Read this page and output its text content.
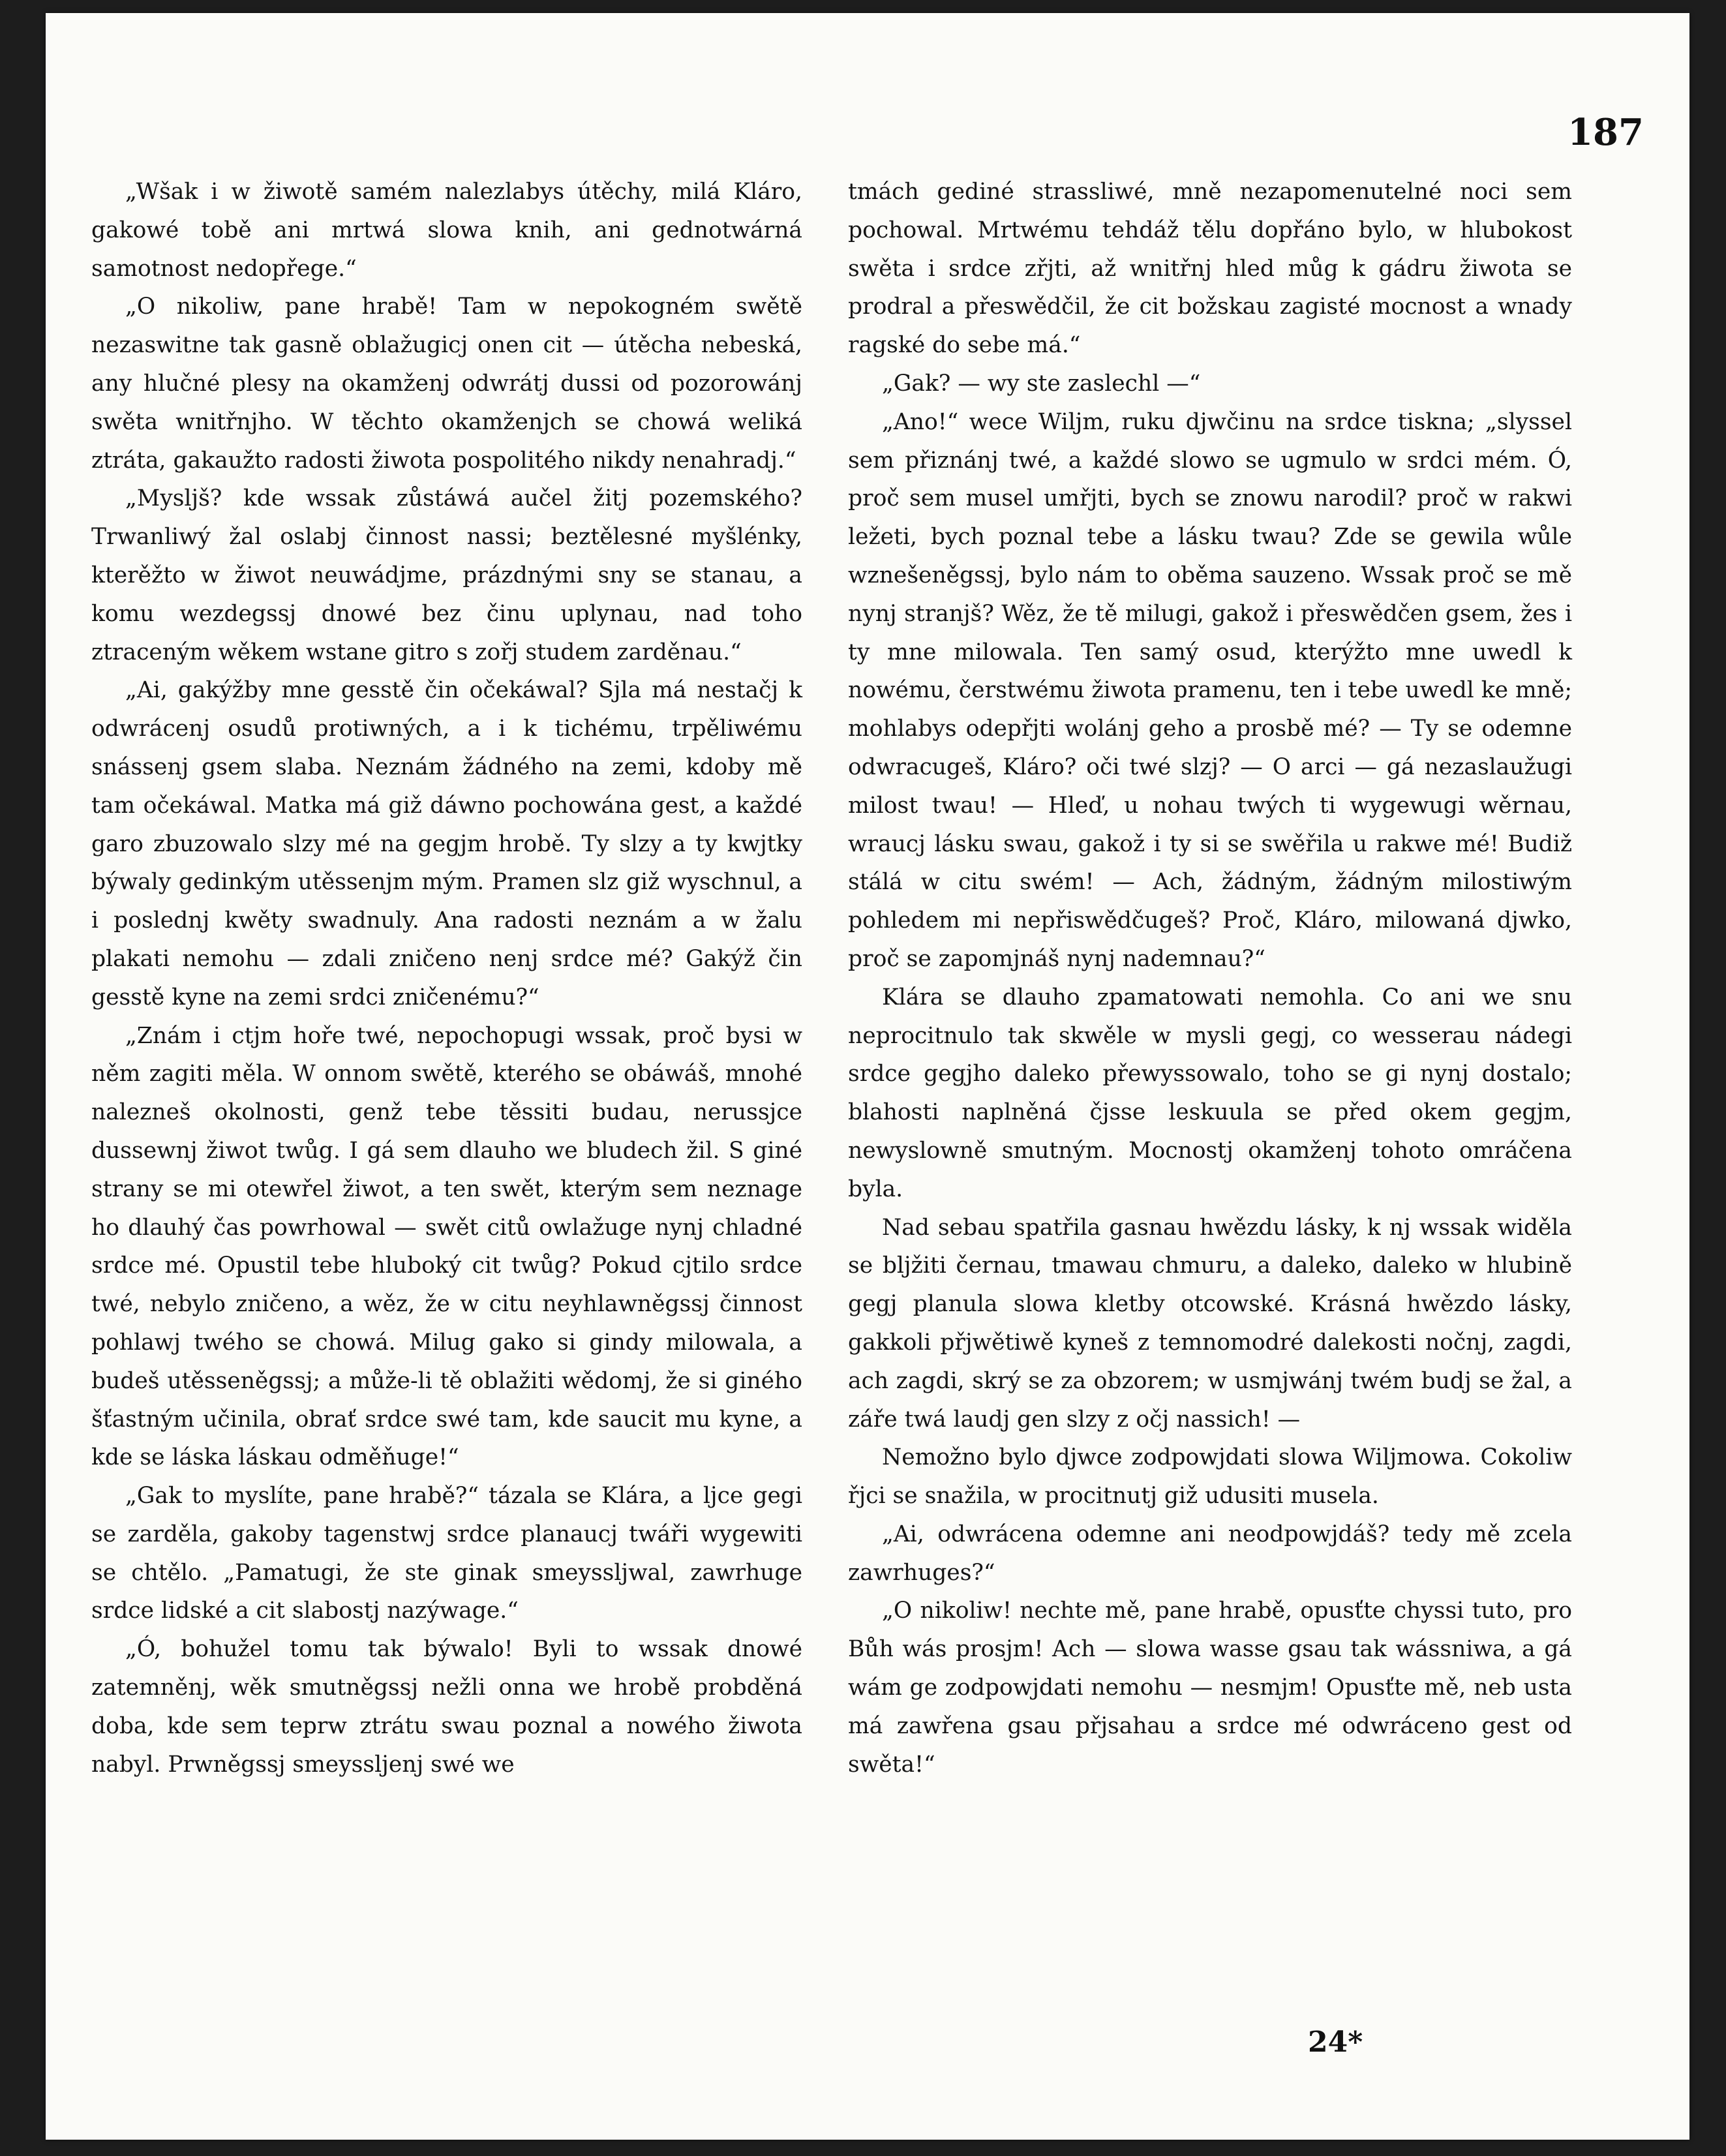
187

„Wšak i w žiwotě samém nalezlabys útěchy, milá Kláro, gakowé tobě ani mrtwá slowa knih, ani gednotwárná samotnost nedopřege.“

„O nikoliw, pane hrabě! Tam w nepokogném swětě nezaswitne tak gasně oblažugicj onen cit — útěcha nebeská, any hlučné plesy na okamženj odwrátj dussi od pozorowánj swěta wnitřnjho. W těchto okamženjch se chowá weliká ztráta, gakaužto radosti žiwota pospolitého nikdy nenahradj.“

„Mysljš? kde wssak zůstáwá aučel žitj pozemského? Trwanliwý žal oslabj činnost nassi; beztělesné myšlénky, kterěžto w žiwot neuwádjme, prázdnými sny se stanau, a komu wezdegssj dnowé bez činu uplynau, nad toho ztraceným wěkem wstane gitro s zořj studem zarděnau.“

„Ai, gakýžby mne gesstě čin očekáwal? Sjla má nestačj k odwrácenj osudů protiwných, a i k tichému, trpěliwému snássenj gsem slaba. Neznám žádného na zemi, kdoby mě tam očekáwal. Matka má giž dáwno pochowána gest, a každé garo zbuzowalo slzy mé na gegjm hrobě. Ty slzy a ty kwjtky býwaly gedinkým utěssenjm mým. Pramen slz giž wyschnul, a i poslednj kwěty swadnuly. Ana radosti neznám a w žalu plakati nemohu — zdali zničeno nenj srdce mé? Gakýž čin gesstě kyne na zemi srdci zničenému?“

„Znám i ctjm hoře twé, nepochopugi wssak, proč bysi w něm zagiti měla. W onnom swětě, kterého se obáwáš, mnohé nalezneš okolnosti, genž tebe těssiti budau, nerussjce dussewnj žiwot twůg. I gá sem dlauho we bludech žil. S giné strany se mi otewřel žiwot, a ten swět, kterým sem neznage ho dlauhý čas powrhowal — swět citů owlažuge nynj chladné srdce mé. Opustil tebe hluboký cit twůg? Pokud cjtilo srdce twé, nebylo zničeno, a wěz, že w citu neyhlawněgssj činnost pohlawj twého se chowá. Milug gako si gindy milowala, a budeš utěsseněgssj; a může-li tě oblažiti wědomj, že si giného šťastným učinila, obrať srdce swé tam, kde saucit mu kyne, a kde se láska láskau odměňuge!“

„Gak to myslíte, pane hrabě?“ tázala se Klára, a ljce gegi se zarděla, gakoby tagenstwj srdce planaucj twáři wygewiti se chtělo. „Pamatugi, že ste ginak smeyssljwal, zawrhuge srdce lidské a cit slabostj nazýwage.“

„Ó, bohužel tomu tak býwalo! Byli to wssak dnowé zatemněnj, wěk smutněgssj nežli onna we hrobě probděná doba, kde sem teprw ztrátu swau poznal a nowého žiwota nabyl. Prwněgssj smeyssljenj swé we

tmách gediné strassliwé, mně nezapomenutelné noci sem pochowal. Mrtwému tehdáž tělu dopřáno bylo, w hlubokost swěta i srdce zřjti, až wnitřnj hled můg k gádru žiwota se prodral a přeswědčil, že cit božskau zagisté mocnost a wnady ragské do sebe má.“

„Gak? — wy ste zasleсhl —“

„Ano!“ wece Wiljm, ruku djwčinu na srdce tiskna; „slyssel sem přiznánj twé, a každé slowo se ugmulo w srdci mém. Ó, proč sem musel umřjti, bych se znowu narodil? proč w rakwi ležeti, bych poznal tebe a lásku twau? Zde se gewila wůle wznešeněgssj, bylo nám to oběma sauzeno. Wssak proč se mě nynj stranjš? Wěz, že tě milugi, gakož i přeswědčen gsem, žes i ty mne milowala. Ten samý osud, kterýžto mne uwedl k nowému, čerstwému žiwota pramenu, ten i tebe uwedl ke mně; mohlabys odepřjti wolánj geho a prosbě mé? — Ty se odemne odwracugeš, Kláro? oči twé slzj? — O arci — gá nezaslaužugi milost twau! — Hleď, u nohau twých ti wygewugi wěrnau, wraucj lásku swau, gakož i ty si se swěřila u rakwe mé! Budiž stálá w citu swém! — Ach, žádným, žádným milostiwým pohledem mi nepřiswědčugeš? Proč, Kláro, milowaná djwko, proč se zapomjnáš nynj nademnau?“

Klára se dlauho zpamatowati nemohla. Co ani we snu neprocitnulo tak skwěle w mysli gegj, co wesserau nádegi srdce gegjho daleko přewyssowalo, toho se gi nynj dostalo; blahosti naplněná čjsse leskuula se před okem gegjm, newyslowně smutným. Mocnostj okamženj tohoto omráčena byla.

Nad sebau spatřila gasnau hwězdu lásky, k nj wssak widěla se bljžiti černau, tmawau chmuru, a daleko, daleko w hlubině gegj planula slowa kletby otcowské. Krásná hwězdo lásky, gakkoli přjwětiwě kyneš z temnomodré dalekosti nočnj, zagdi, ach zagdi, skrý se za obzorem; w usmjwánj twém budj se žal, a záře twá laudj gen slzy z očj nassich! —

Nemožno bylo djwce zodpowjdati slowa Wiljmowa. Cokoliw řjci se snažila, w procitnutj giž udusiti musela.

„Ai, odwrácena odemne ani neodpowjdáš? tedy mě zcela zawrhuges?“

„O nikoliw! nechte mě, pane hrabě, opusťte chyssi tuto, pro Bůh wás prosjm! Ach — slowa wasse gsau tak wássniwa, a gá wám ge zodpowjdati nemohu — nesmjm! Opusťte mě, neb usta má zawřena gsau přjsahau a srdce mé odwráceno gest od swěta!“

24*
